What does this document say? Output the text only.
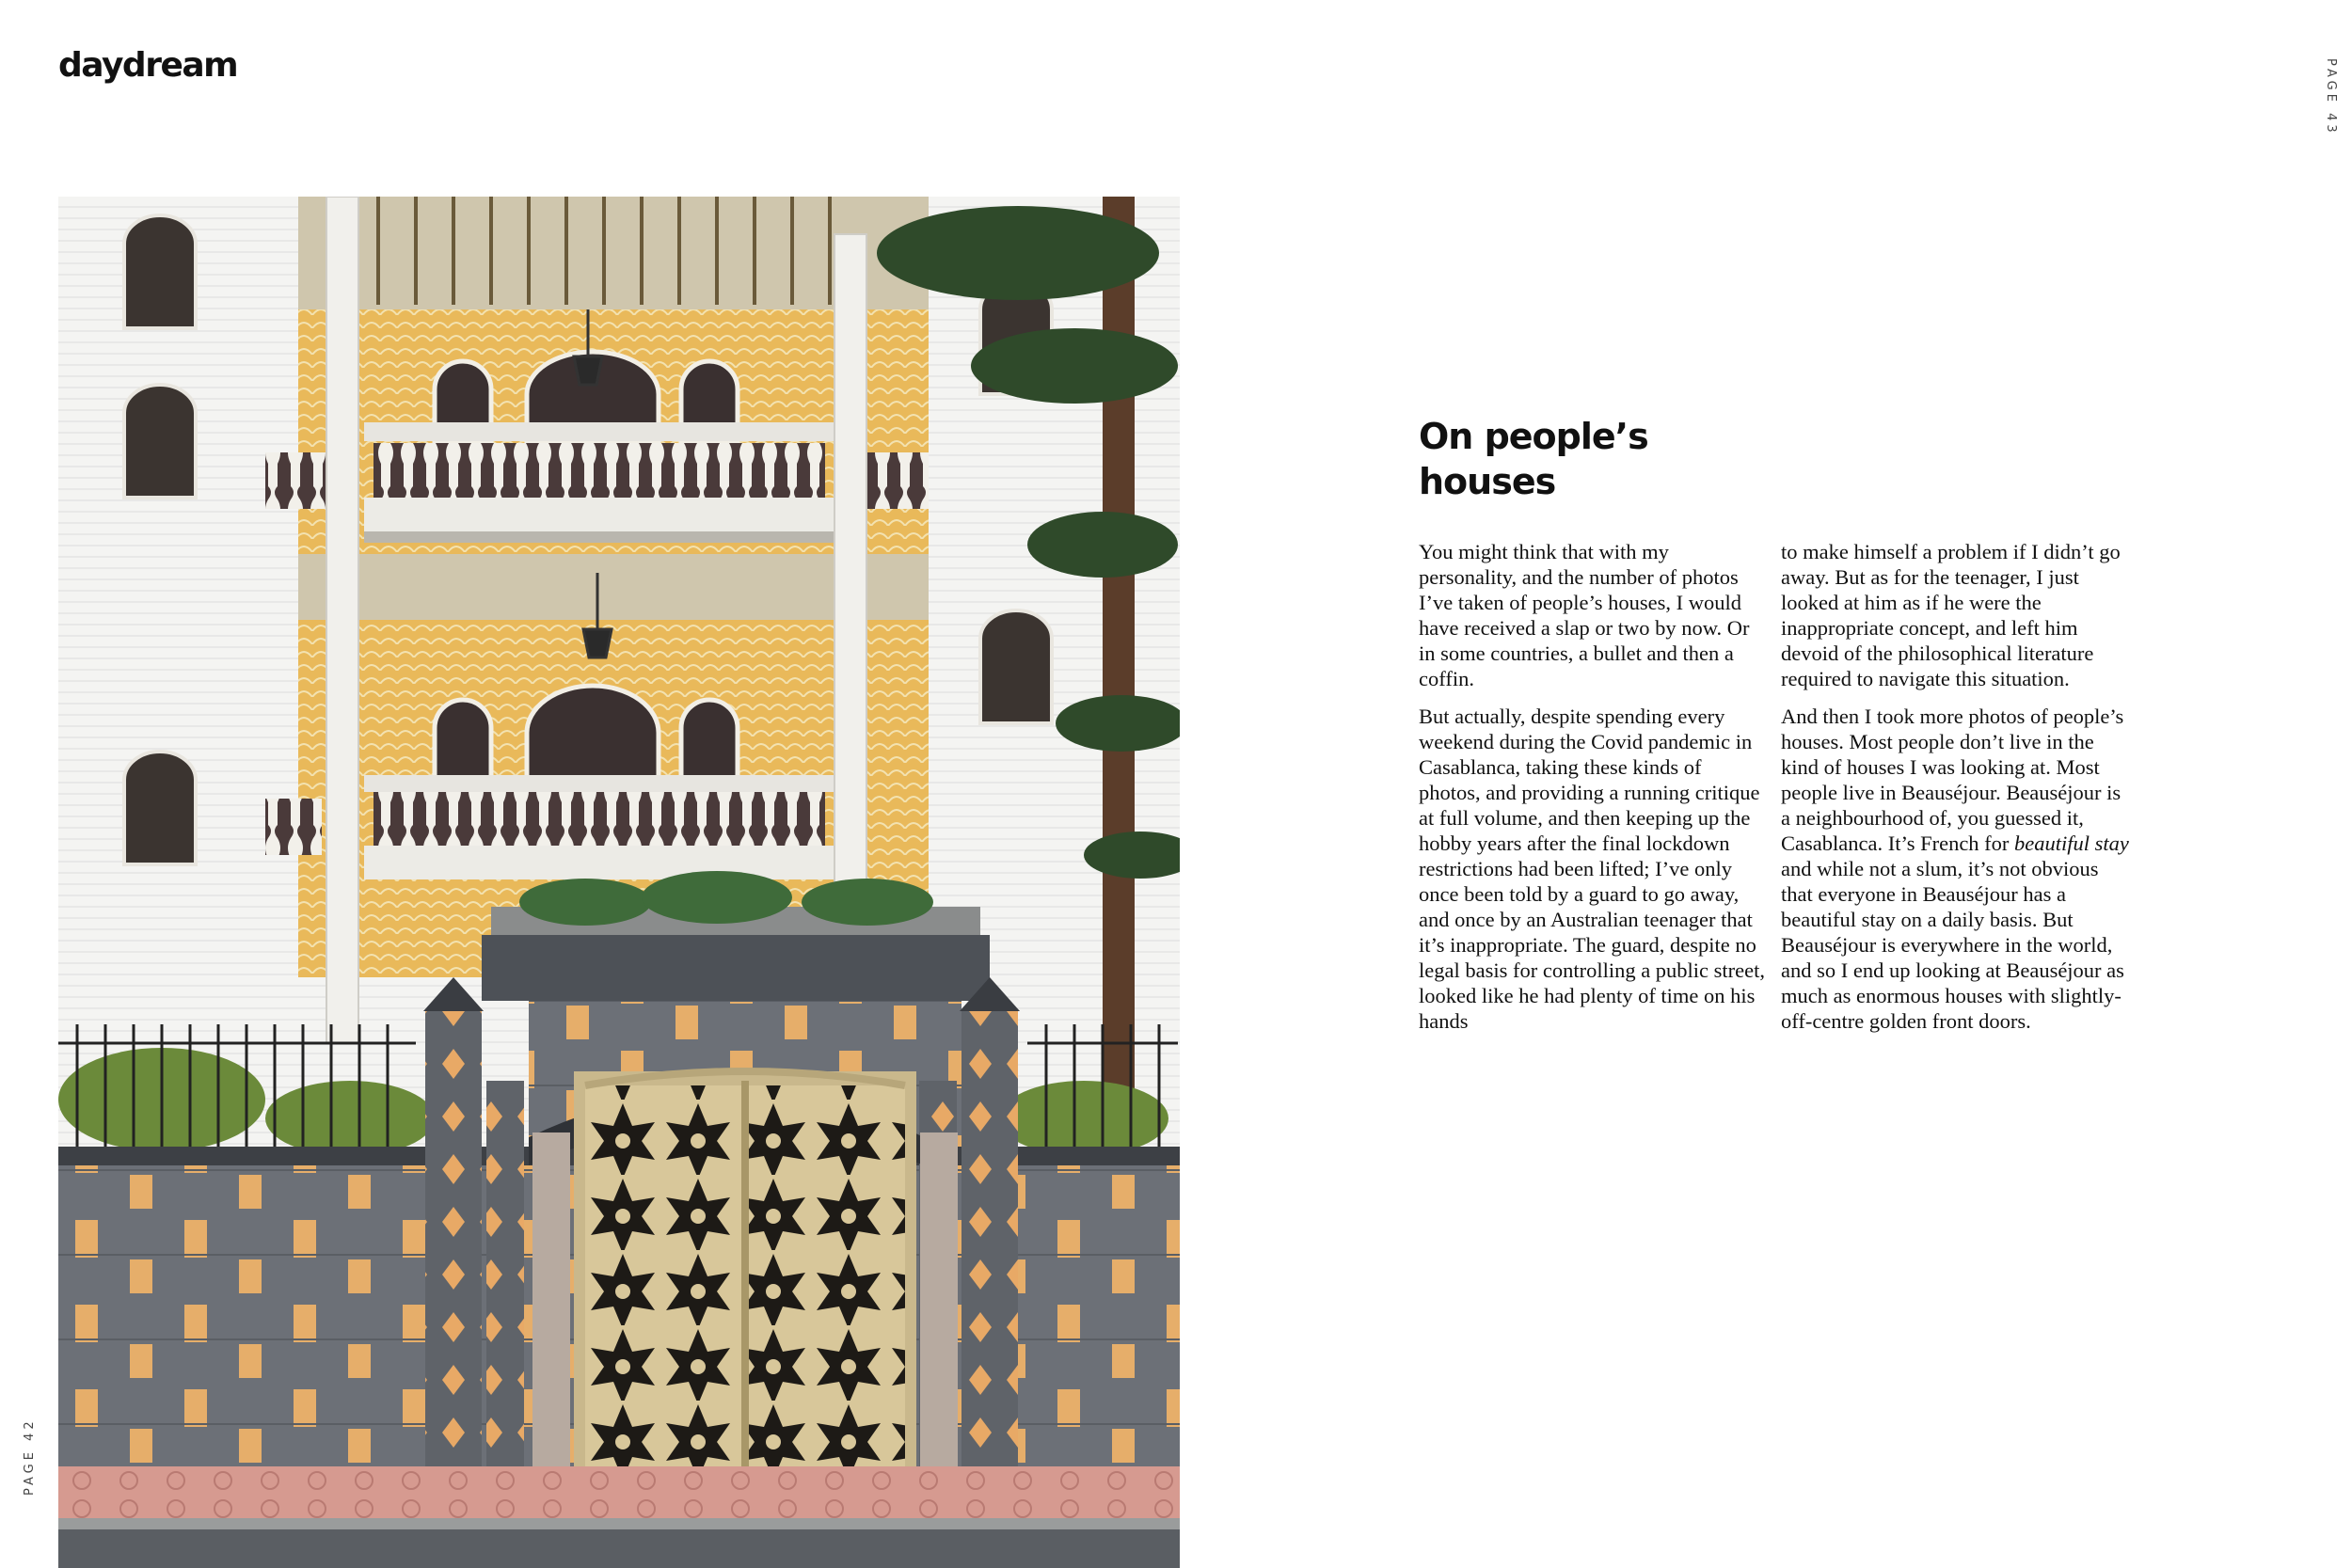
daydream
PAGE 42
PAGE 43
On people’s houses

You might think that with my personality, and the number of photos I’ve taken of people’s houses, I would have received a slap or two by now. Or in some countries, a bullet and then a coffin.

But actually, despite spending every weekend during the Covid pandemic in Casablanca, taking these kinds of photos, and providing a running critique at full volume, and then keeping up the hobby years after the final lockdown restrictions had been lifted; I’ve only once been told by a guard to go away, and once by an Australian teenager that it’s inappropriate. The guard, despite no legal basis for controlling a public street, looked like he had plenty of time on his hands

to make himself a problem if I didn’t go away. But as for the teenager, I just looked at him as if he were the inappropriate concept, and left him devoid of the philosophical literature required to navigate this situation.

And then I took more photos of people’s houses. Most people don’t live in the kind of houses I was looking at. Most people live in Beauséjour. Beauséjour is a neighbourhood of, you guessed it, Casablanca. It’s French for beautiful stay and while not a slum, it’s not obvious that everyone in Beauséjour has a beautiful stay on a daily basis. But Beauséjour is everywhere in the world, and so I end up looking at Beauséjour as much as enormous houses with slightly-off-centre golden front doors.
